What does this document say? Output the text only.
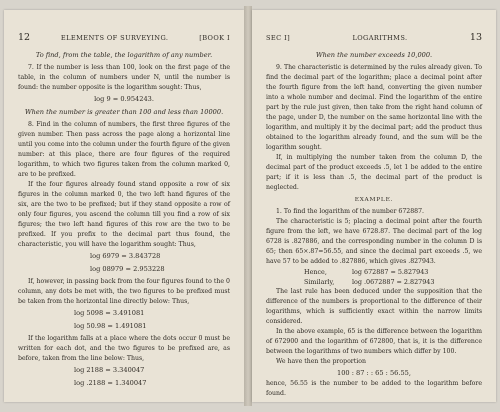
12	ELEMENTS OF SURVEYING.	[BOOK I
To find, from the table, the logarithm of any number.

7. If the number is less than 100, look on the first page of the table, in the column of numbers under N, until the number is found: the number opposite is the logarithm sought: Thus,

log 9 = 0.954243.
When the number is greater than 100 and less than 10000.

8. Find in the column of numbers, the first three figures of the given number. Then pass across the page along a horizontal line until you come into the column under the fourth figure of the given number: at this place, there are four figures of the required logarithm, to which two figures taken from the column marked 0, are to be prefixed.

If the four figures already found stand opposite a row of six figures in the column marked 0, the two left hand figures of the six, are the two to be prefixed; but if they stand opposite a row of only four figures, you ascend the column till you find a row of six figures; the two left hand figures of this row are the two to be prefixed. If you prefix to the decimal part thus found, the characteristic, you will have the logarithm sought: Thus,

log 6979 = 3.843728
log 08979 = 2.953228

If, however, in passing back from the four figures found to the 0 column, any dots be met with, the two figures to be prefixed must be taken from the horizontal line directly below: Thus,

log 5098 = 3.491081
log 50.98 = 1.491081

If the logarithm falls at a place where the dots occur 0 must be written for each dot, and the two figures to be prefixed are, as before, taken from the line below: Thus,

log 2188 = 3.340047
log .2188 = 1.340047
SEC I]	LOGARITHMS.	13
When the number exceeds 10,000.

9. The characteristic is determined by the rules already given. To find the decimal part of the logarithm; place a decimal point after the fourth figure from the left hand, converting the given number into a whole number and decimal. Find the logarithm of the entire part by the rule just given, then take from the right hand column of the page, under D, the number on the same horizontal line with the logarithm, and multiply it by the decimal part; add the product thus obtained to the logarithm already found, and the sum will be the logarithm sought.

If, in multiplying the number taken from the column D, the decimal part of the product exceeds .5, let 1 be added to the entire part; if it is less than .5, the decimal part of the product is neglected.

EXAMPLE.

1. To find the logarithm of the number 672887.

The characteristic is 5; placing a decimal point after the fourth figure from the left, we have 6728.87. The decimal part of the log 6728 is .827886, and the corresponding number in the column D is 65; then 65×.87=56.55, and since the decimal part exceeds .5, we have 57 to be added to .827886, which gives .827943.

Hence,	log 672887 = 5.827943
Similarly,	log .0672887 = 2.827943

The last rule has been deduced under the supposition that the difference of the numbers is proportional to the difference of their logarithms, which is sufficiently exact within the narrow limits considered.

In the above example, 65 is the difference between the logarithm of 672900 and the logarithm of 672800, that is, it is the difference between the logarithms of two numbers which differ by 100.

We have then the proportion

100 : 87 : : 65 : 56.55,

hence, 56.55 is the number to be added to the logarithm before found.
